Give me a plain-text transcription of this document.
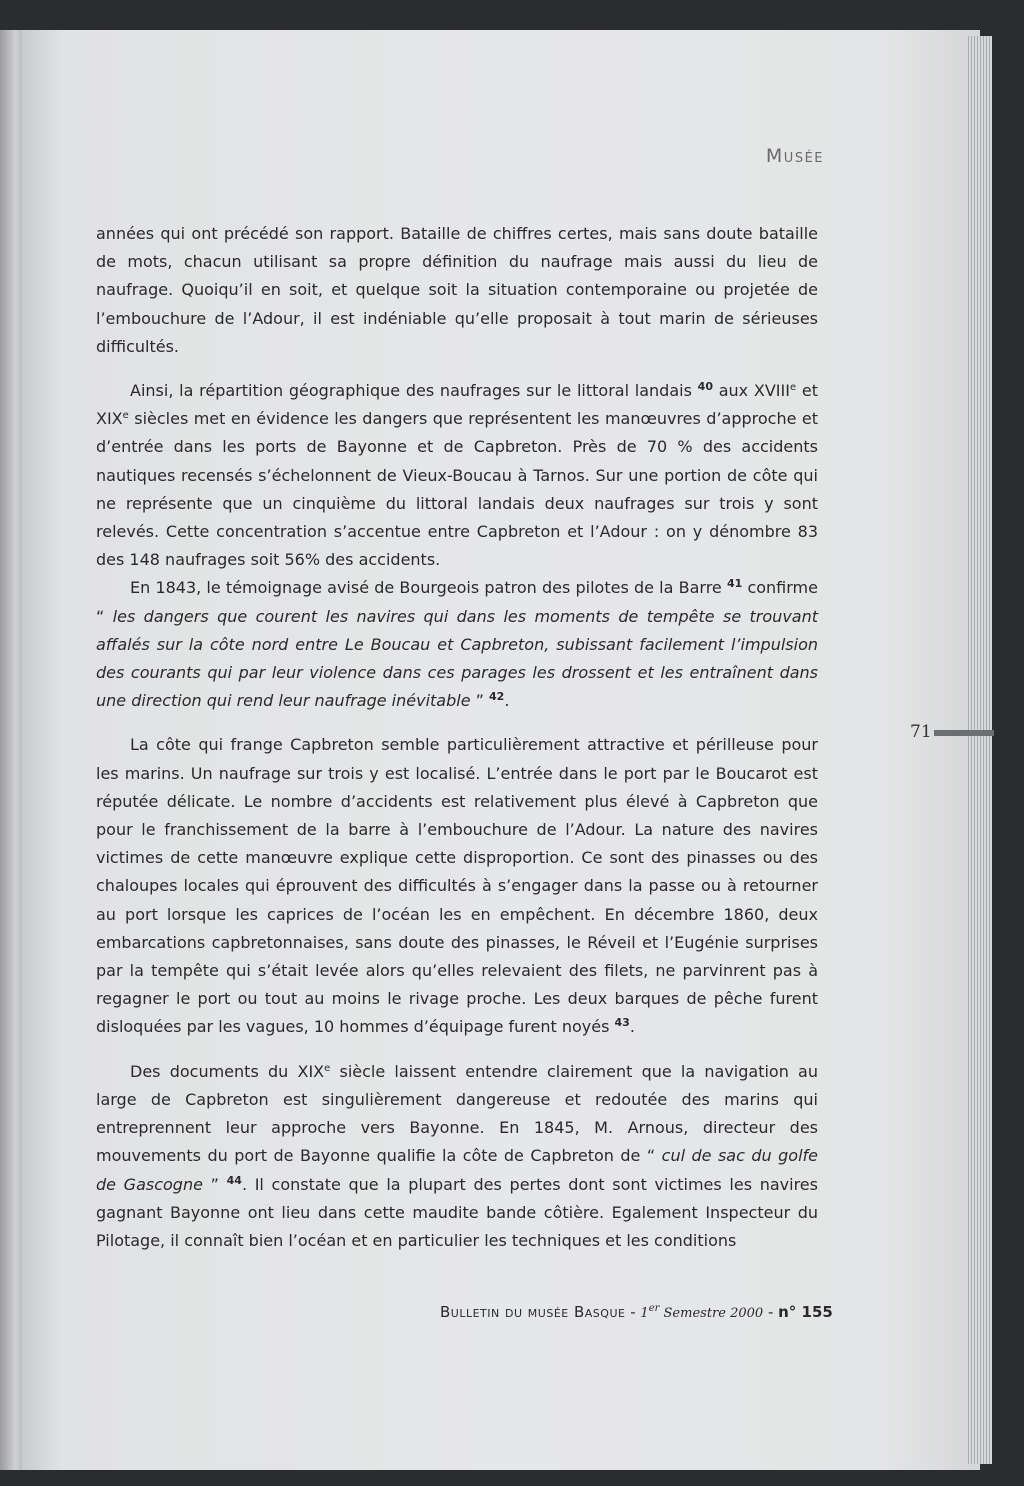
Musée

années qui ont précédé son rapport. Bataille de chiffres certes, mais sans doute bataille de mots, chacun utilisant sa propre définition du naufrage mais aussi du lieu de naufrage. Quoiqu’il en soit, et quelque soit la situation contemporaine ou projetée de l’embouchure de l’Adour, il est indéniable qu’elle proposait à tout marin de sérieuses difficultés.

Ainsi, la répartition géographique des naufrages sur le littoral landais $^{40}$ aux XVIIIe et XIXe siècles met en évidence les dangers que représentent les manœuvres d’approche et d’entrée dans les ports de Bayonne et de Capbreton. Près de 70 % des accidents nautiques recensés s’échelonnent de Vieux-Boucau à Tarnos. Sur une portion de côte qui ne représente que un cinquième du littoral landais deux naufrages sur trois y sont relevés. Cette concentration s’accentue entre Capbreton et l’Adour : on y dénombre 83 des 148 naufrages soit 56% des accidents.

En 1843, le témoignage avisé de Bourgeois patron des pilotes de la Barre $^{41}$ confirme “ les dangers que courent les navires qui dans les moments de tempête se trouvant affalés sur la côte nord entre Le Boucau et Capbreton, subissant facilement l’impulsion des courants qui par leur violence dans ces parages les drossent et les entraînent dans une direction qui rend leur naufrage inévitable ” $^{42}$.

La côte qui frange Capbreton semble particulièrement attractive et périlleuse pour les marins. Un naufrage sur trois y est localisé. L’entrée dans le port par le Boucarot est réputée délicate. Le nombre d’accidents est relativement plus élevé à Capbreton que pour le franchissement de la barre à l’embouchure de l’Adour. La nature des navires victimes de cette manœuvre explique cette disproportion. Ce sont des pinasses ou des chaloupes locales qui éprouvent des difficultés à s’engager dans la passe ou à retourner au port lorsque les caprices de l’océan les en empêchent. En décembre 1860, deux embarcations capbretonnaises, sans doute des pinasses, le Réveil et l’Eugénie surprises par la tempête qui s’était levée alors qu’elles relevaient des filets, ne parvinrent pas à regagner le port ou tout au moins le rivage proche. Les deux barques de pêche furent disloquées par les vagues, 10 hommes d’équipage furent noyés $^{43}$.

Des documents du XIXe siècle laissent entendre clairement que la navigation au large de Capbreton est singulièrement dangereuse et redoutée des marins qui entreprennent leur approche vers Bayonne. En 1845, M. Arnous, directeur des mouvements du port de Bayonne qualifie la côte de Capbreton de “ cul de sac du golfe de Gascogne ” $^{44}$. Il constate que la plupart des pertes dont sont victimes les navires gagnant Bayonne ont lieu dans cette maudite bande côtière. Egalement Inspecteur du Pilotage, il connaît bien l’océan et en particulier les techniques et les conditions

71
Bulletin du musée Basque - 1er Semestre 2000 - n° 155
